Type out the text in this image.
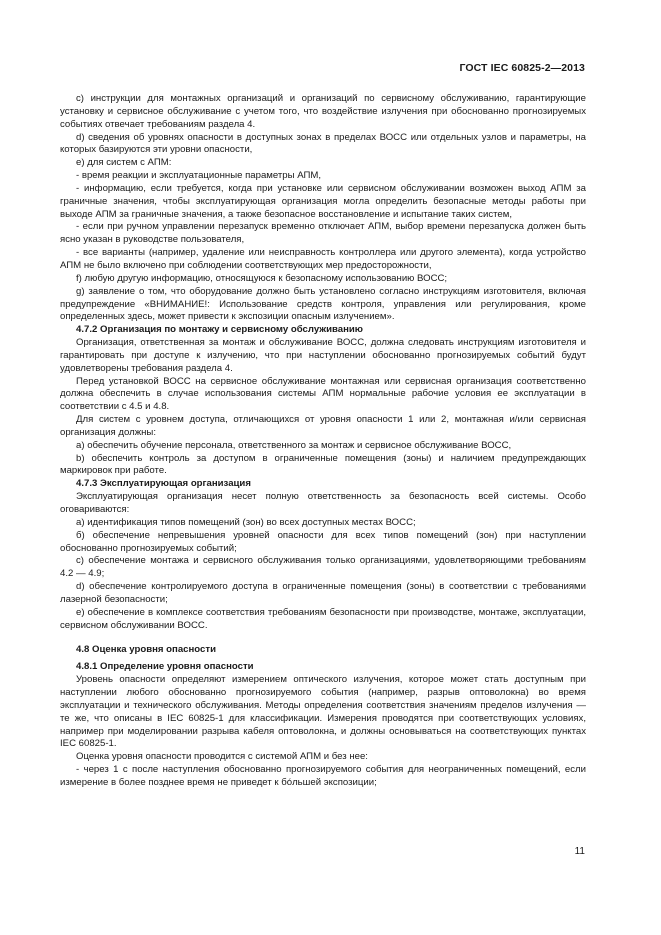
ГОСТ IEC 60825-2—2013

c) инструкции для монтажных организаций и организаций по сервисному обслуживанию, гарантирующие установку и сервисное обслуживание с учетом того, что воздействие излучения при обоснованно прогнозируемых событиях отвечает требованиям раздела 4.

d) сведения об уровнях опасности в доступных зонах в пределах ВОСС или отдельных узлов и параметры, на которых базируются эти уровни опасности,

e) для систем с АПМ:

- время реакции и эксплуатационные параметры АПМ,

- информацию, если требуется, когда при установке или сервисном обслуживании возможен выход АПМ за граничные значения, чтобы эксплуатирующая организация могла определить безопасные методы работы при выходе АПМ за граничные значения, а также безопасное восстановление и испытание таких систем,

- если при ручном управлении перезапуск временно отключает АПМ, выбор времени перезапуска должен быть ясно указан в руководстве пользователя,

- все варианты (например, удаление или неисправность контроллера или другого элемента), когда устройство АПМ не было включено при соблюдении соответствующих мер предосторожности,

f) любую другую информацию, относящуюся к безопасному использованию ВОСС;

g) заявление о том, что оборудование должно быть установлено согласно инструкциям изготовителя, включая предупреждение «ВНИМАНИЕ!: Использование средств контроля, управления или регулирования, кроме определенных здесь, может привести к экспозиции опасным излучением».

4.7.2 Организация по монтажу и сервисному обслуживанию

Организация, ответственная за монтаж и обслуживание ВОСС, должна следовать инструкциям изготовителя и гарантировать при доступе к излучению, что при наступлении обоснованно прогнозируемых событий будут удовлетворены требования раздела 4.

Перед установкой ВОСС на сервисное обслуживание монтажная или сервисная организация соответственно должна обеспечить в случае использования системы АПМ нормальные рабочие условия ее эксплуатации в соответствии с 4.5 и 4.8.

Для систем с уровнем доступа, отличающихся от уровня опасности 1 или 2, монтажная и/или сервисная организация должны:

а) обеспечить обучение персонала, ответственного за монтаж и сервисное обслуживание ВОСС,

b) обеспечить контроль за доступом в ограниченные помещения (зоны) и наличием предупреждающих маркировок при работе.

4.7.3 Эксплуатирующая организация

Эксплуатирующая организация несет полную ответственность за безопасность всей системы. Особо оговариваются:

а) идентификация типов помещений (зон) во всех доступных местах ВОСС;

б) обеспечение непревышения уровней опасности для всех типов помещений (зон) при наступлении обоснованно прогнозируемых событий;

c) обеспечение монтажа и сервисного обслуживания только организациями, удовлетворяющими требованиям 4.2 — 4.9;

d) обеспечение контролируемого доступа в ограниченные помещения (зоны) в соответствии с требованиями лазерной безопасности;

e) обеспечение в комплексе соответствия требованиям безопасности при производстве, монтаже, эксплуатации, сервисном обслуживании ВОСС.

4.8 Оценка уровня опасности

4.8.1 Определение уровня опасности

Уровень опасности определяют измерением оптического излучения, которое может стать доступным при наступлении любого обоснованно прогнозируемого события (например, разрыв оптоволокна) во время эксплуатации и технического обслуживания. Методы определения соответствия значениям пределов излучения — те же, что описаны в IEC 60825-1 для классификации. Измерения проводятся при соответствующих условиях, например при моделировании разрыва кабеля оптоволокна, и должны основываться на соответствующих пунктах IEC 60825-1.

Оценка уровня опасности проводится с системой АПМ и без нее:

- через 1 с после наступления обоснованно прогнозируемого события для неограниченных помещений, если измерение в более позднее время не приведет к бóльшей экспозиции;

11
